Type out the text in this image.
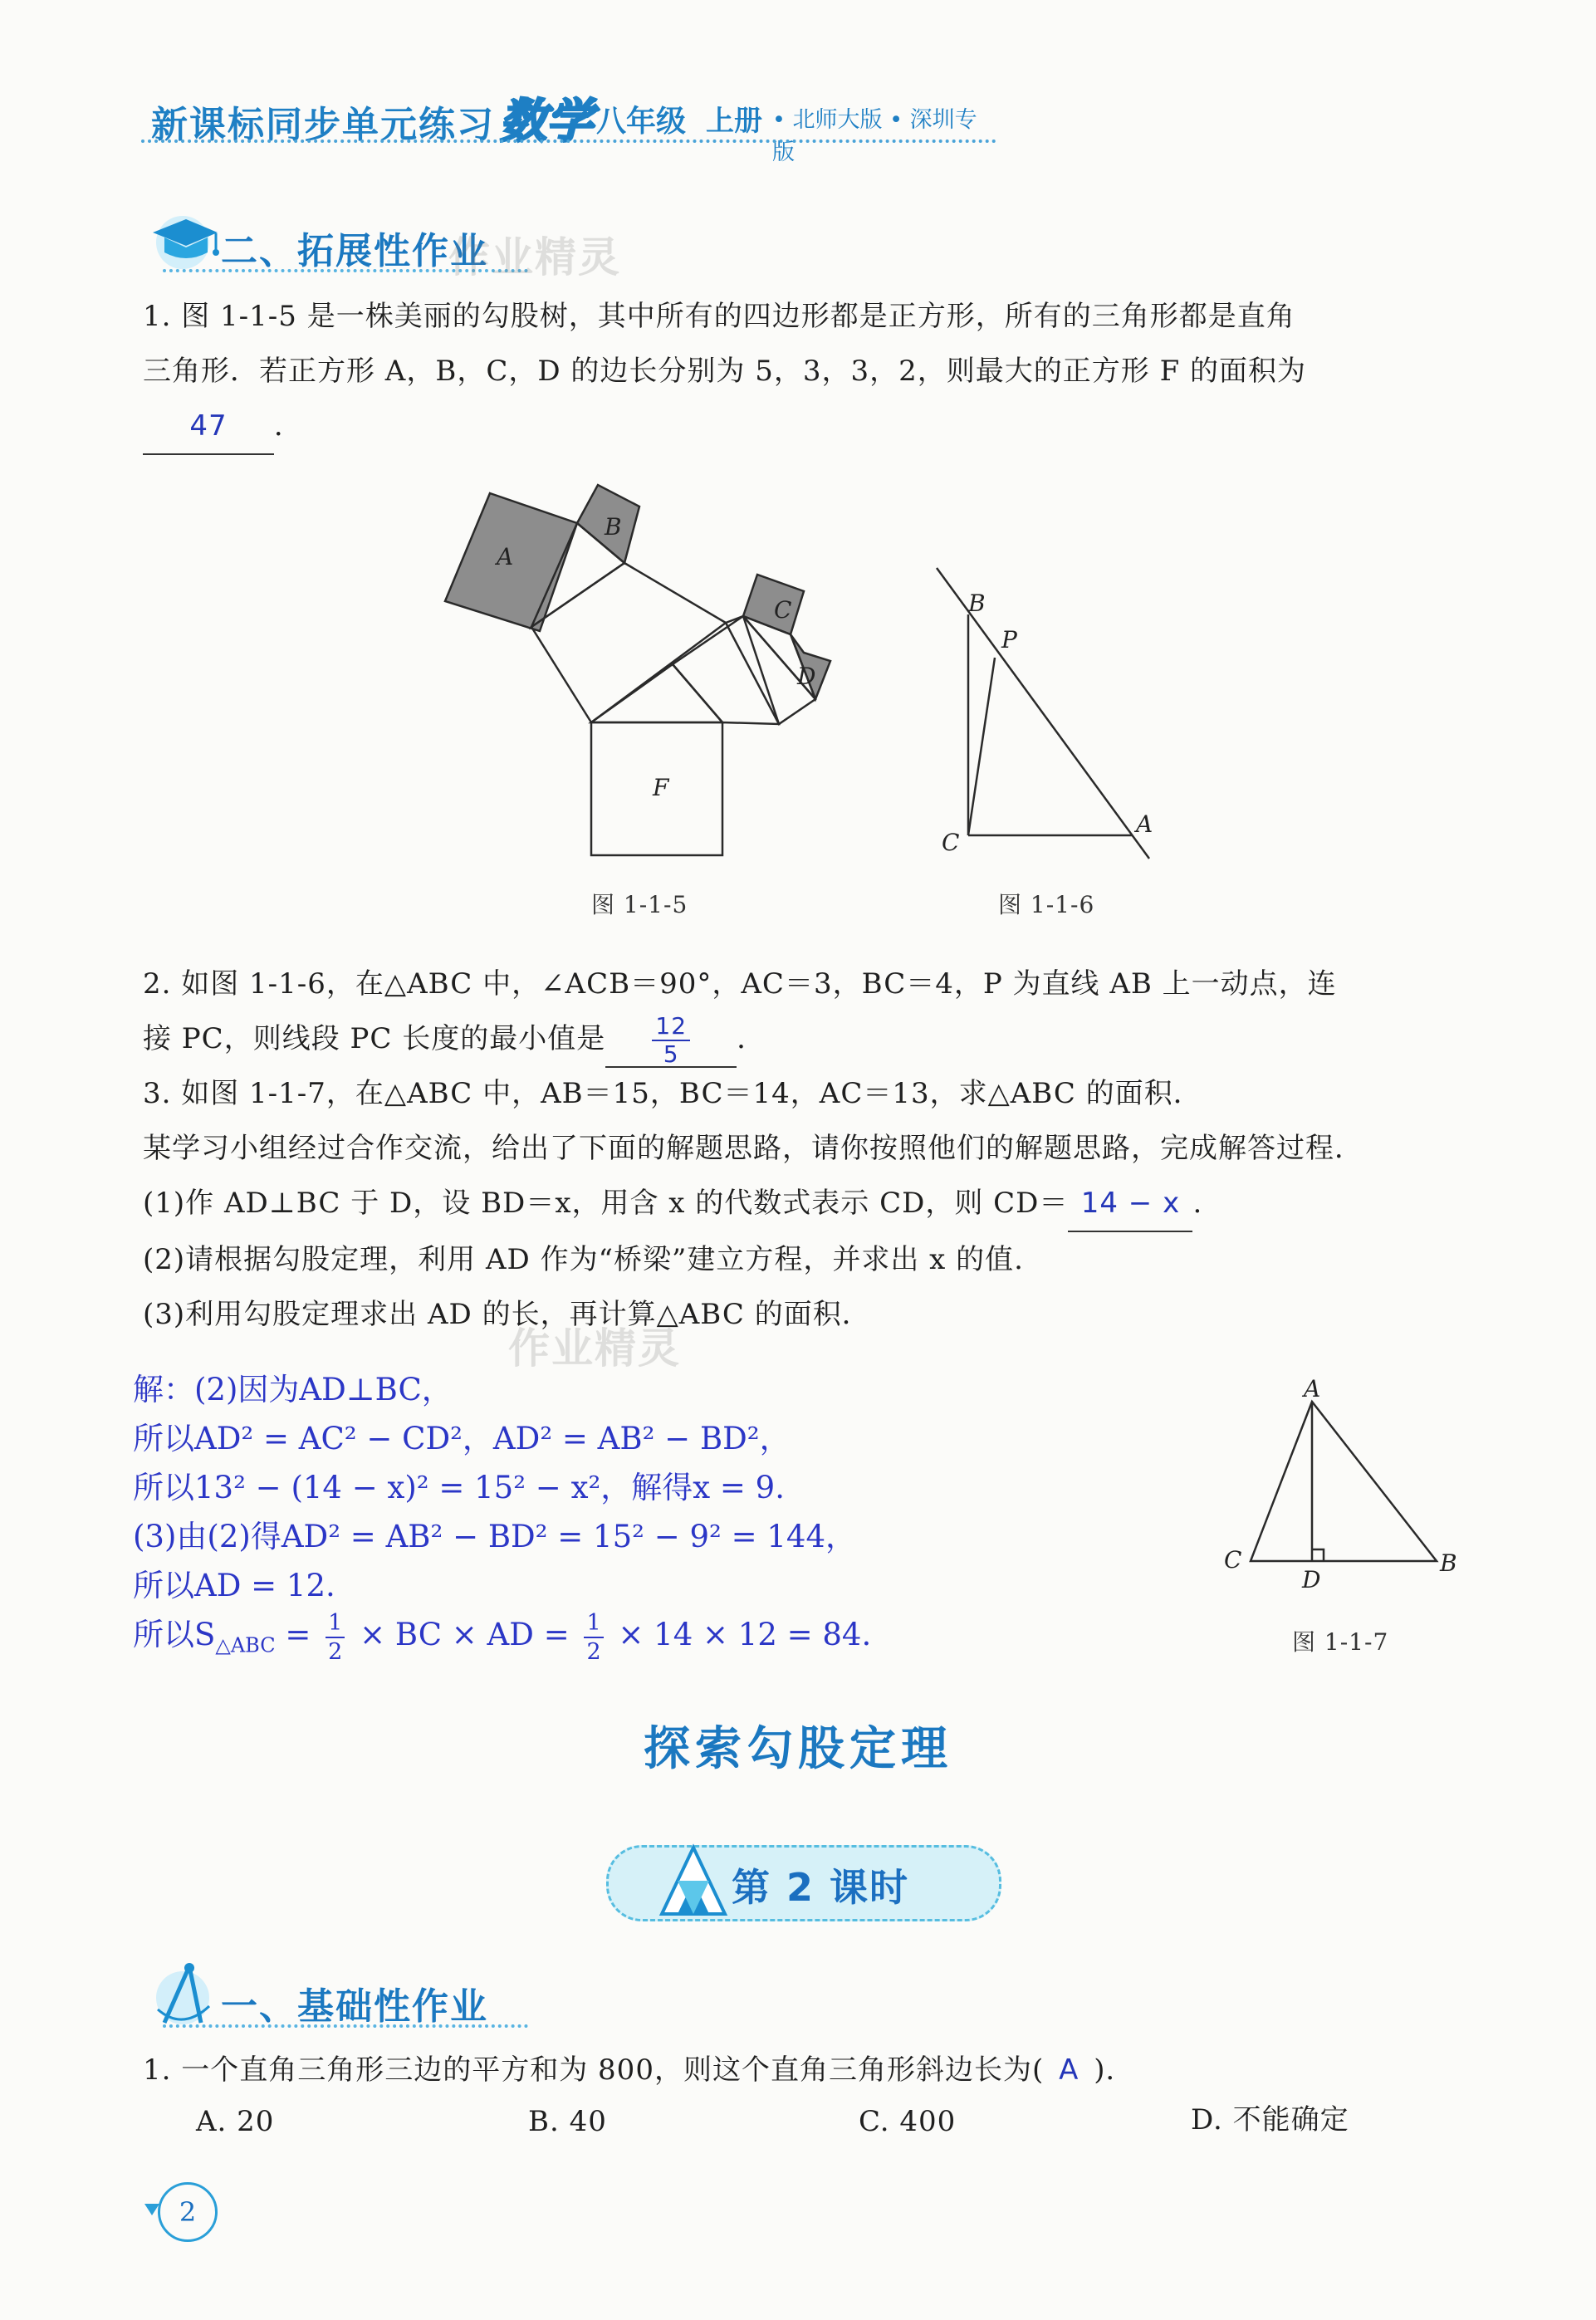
新课标同步单元练习 数学 八年级 上册 • 北师大版 • 深圳专版
二、拓展性作业
作业精灵
1. 图 1-1-5 是一株美丽的勾股树，其中所有的四边形都是正方形，所有的三角形都是直角
三角形．若正方形 A，B，C，D 的边长分别为 5，3，3，2，则最大的正方形 F 的面积为
47 ．
A
B
C
D
F
图 1-1-5
B
P
C
A
图 1-1-6
2. 如图 1-1-6，在△ABC 中，∠ACB＝90°，AC＝3，BC＝4，P 为直线 AB 上一动点，连
接 PC，则线段 PC 长度的最小值是 $\frac{12}{5}$ ．
3. 如图 1-1-7，在△ABC 中，AB＝15，BC＝14，AC＝13，求△ABC 的面积．
某学习小组经过合作交流，给出了下面的解题思路，请你按照他们的解题思路，完成解答过程．
(1)作 AD⊥BC 于 D，设 BD＝x，用含 x 的代数式表示 CD，则 CD＝ 14 − x .
(2)请根据勾股定理，利用 AD 作为“桥梁”建立方程，并求出 x 的值.
(3)利用勾股定理求出 AD 的长，再计算△ABC 的面积．
作业精灵
解：(2)因为AD⊥BC，
所以AD² = AC² − CD²，AD² = AB² − BD²，
所以13² − (14 − x)² = 15² − x²，解得x = 9.
(3)由(2)得AD² = AB² − BD² = 15² − 9² = 144，
所以AD = 12.
所以$S_{\triangle ABC} = \frac{1}{2}$ × BC × AD = $\frac{1}{2} \times 14 \times 12 = 84$.
A
C
D
B
图 1-1-7
探索勾股定理
第 2 课时
一、基础性作业
1. 一个直角三角形三边的平方和为 800，则这个直角三角形斜边长为( A )．
A. 20	B. 40	C. 400	D. 不能确定
2
